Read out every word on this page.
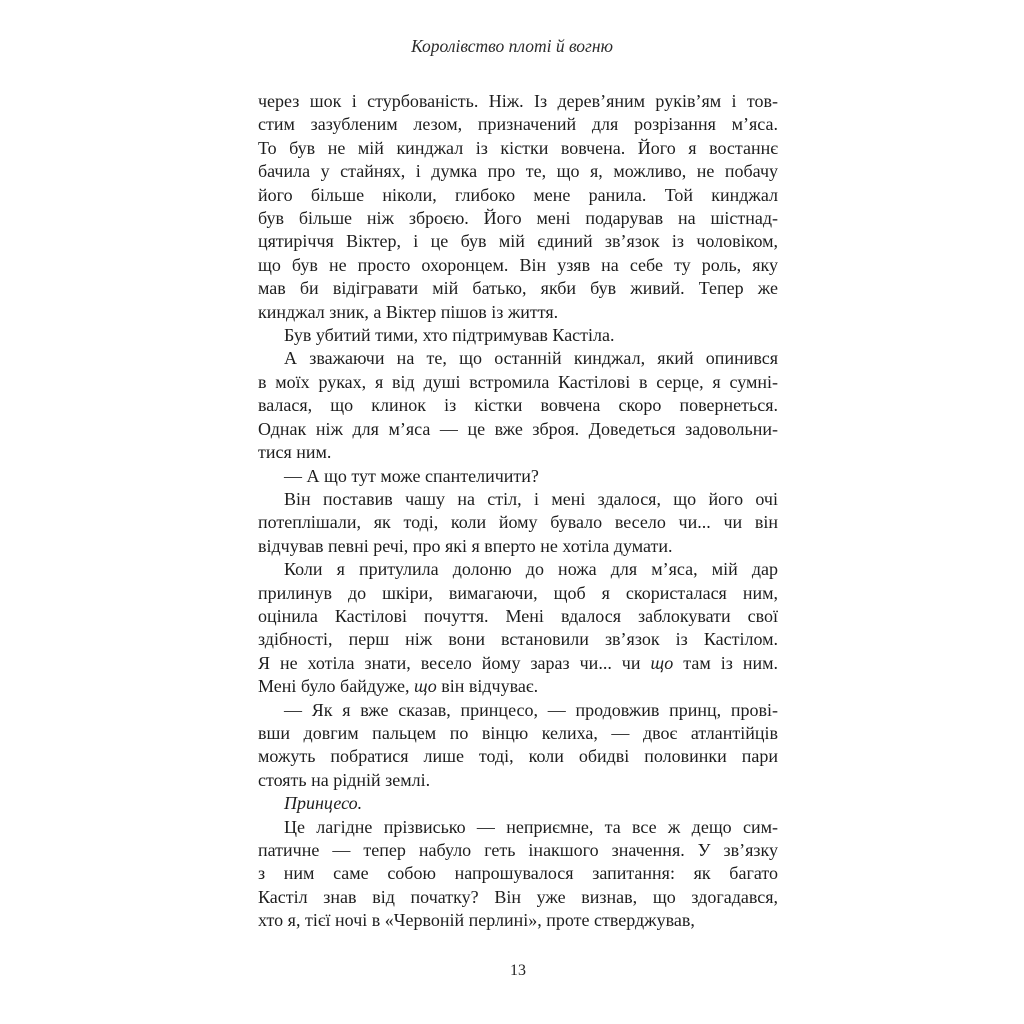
Королівство плоті й вогню
через шок і стурбованість. Ніж. Із дерев’яним руків’ям і тов-
стим зазубленим лезом, призначений для розрізання м’яса.
То був не мій кинджал із кістки вовчена. Його я востаннє
бачила у стайнях, і думка про те, що я, можливо, не побачу
його більше ніколи, глибоко мене ранила. Той кинджал
був більше ніж зброєю. Його мені подарував на шістнад-
цятиріччя Віктер, і це був мій єдиний зв’язок із чоловіком,
що був не просто охоронцем. Він узяв на себе ту роль, яку
мав би відігравати мій батько, якби був живий. Тепер же
кинджал зник, а Віктер пішов із життя.
Був убитий тими, хто підтримував Кастіла.
А зважаючи на те, що останній кинджал, який опинився
в моїх руках, я від душі встромила Кастілові в серце, я сумні-
валася, що клинок із кістки вовчена скоро повернеться.
Однак ніж для м’яса — це вже зброя. Доведеться задовольни-
тися ним.
— А що тут може спантеличити?
Він поставив чашу на стіл, і мені здалося, що його очі
потеплішали, як тоді, коли йому бувало весело чи... чи він
відчував певні речі, про які я вперто не хотіла думати.
Коли я притулила долоню до ножа для м’яса, мій дар
прилинув до шкіри, вимагаючи, щоб я скористалася ним,
оцінила Кастілові почуття. Мені вдалося заблокувати свої
здібності, перш ніж вони встановили зв’язок із Кастілом.
Я не хотіла знати, весело йому зараз чи... чи що там із ним.
Мені було байдуже, що він відчуває.
— Як я вже сказав, принцесо, — продовжив принц, прові-
вши довгим пальцем по вінцю келиха, — двоє атлантійців
можуть побратися лише тоді, коли обидві половинки пари
стоять на рідній землі.
Принцесо.
Це лагідне прізвисько — неприємне, та все ж дещо сим-
патичне — тепер набуло геть інакшого значення. У зв’язку
з ним саме собою напрошувалося запитання: як багато
Кастіл знав від початку? Він уже визнав, що здогадався,
хто я, тієї ночі в «Червоній перлині», проте стверджував,
13
